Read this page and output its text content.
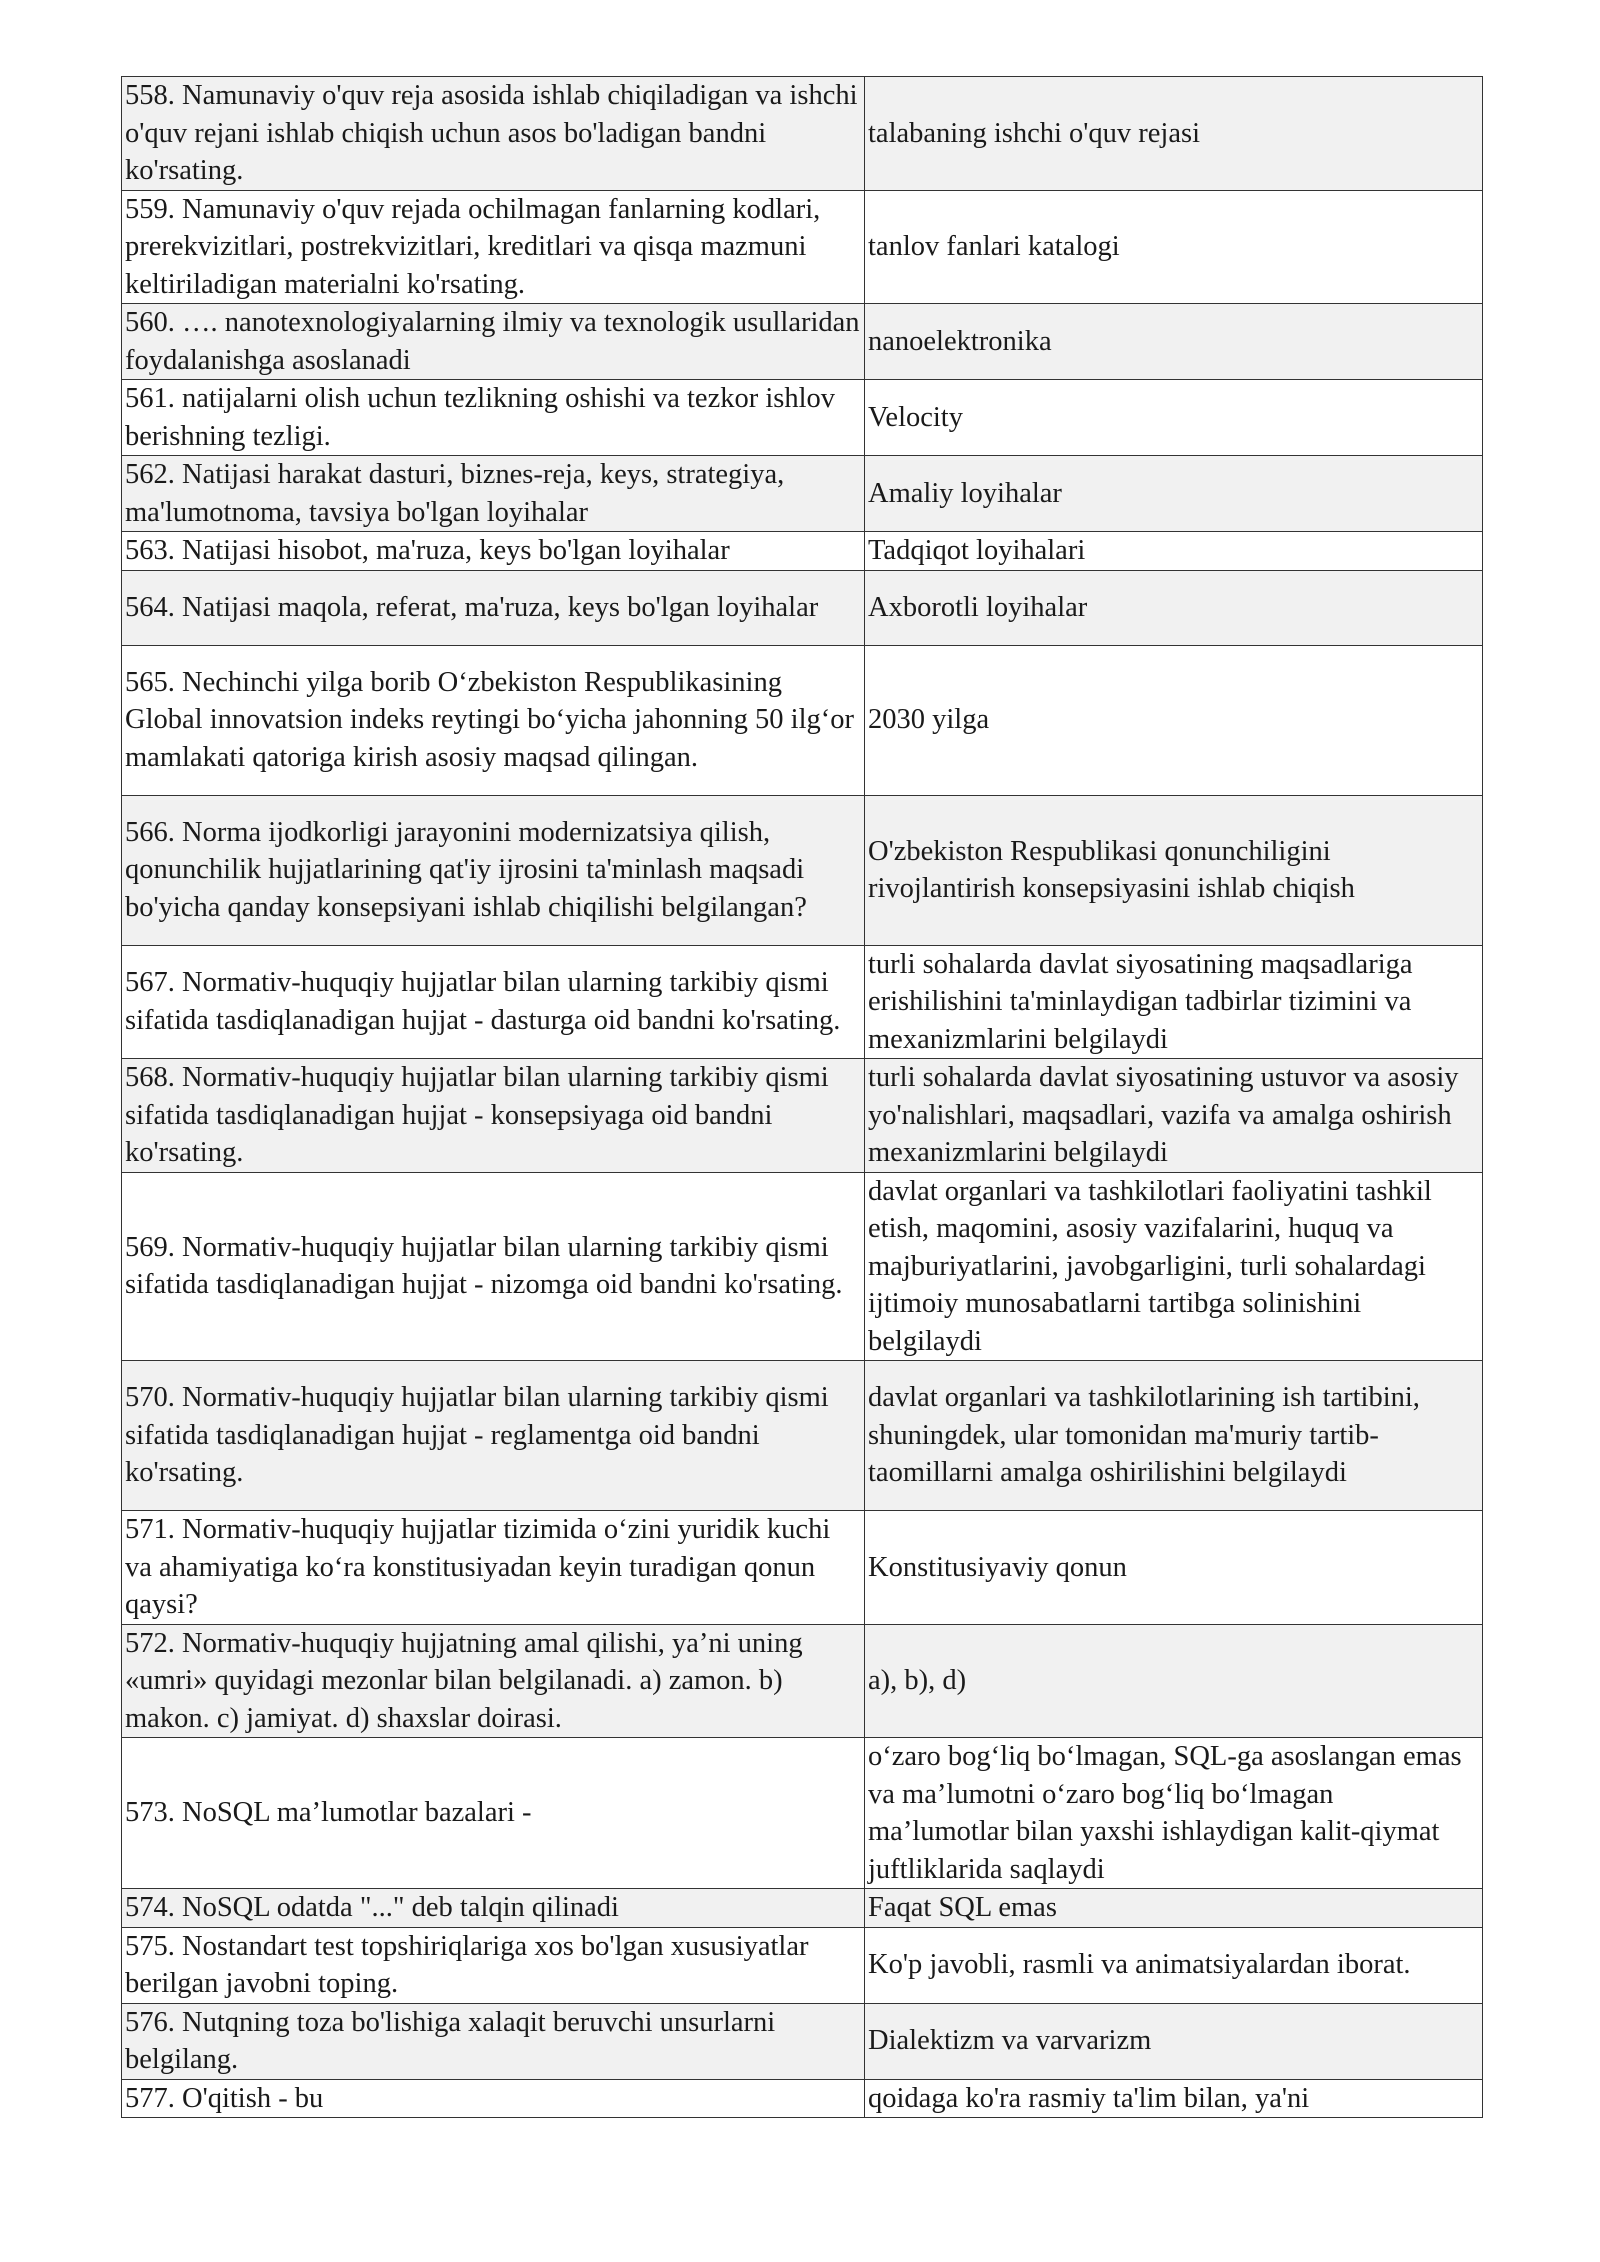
558. Namunaviy o'quv reja asosida ishlab chiqiladigan va ishchi o'quv rejani ishlab chiqish uchun asos bo'ladigan bandni ko'rsating.	talabaning ishchi o'quv rejasi
559. Namunaviy o'quv rejada ochilmagan fanlarning kodlari, prerekvizitlari, postrekvizitlari, kreditlari va qisqa mazmuni keltiriladigan materialni ko'rsating.	tanlov fanlari katalogi
560. …. nanotexnologiyalarning ilmiy va texnologik usullaridan foydalanishga asoslanadi	nanoelektronika
561. natijalarni olish uchun tezlikning oshishi va tezkor ishlov berishning tezligi.	Velocity
562. Natijasi harakat dasturi, biznes-reja, keys, strategiya, ma'lumotnoma, tavsiya bo'lgan loyihalar	Amaliy loyihalar
563. Natijasi hisobot, ma'ruza, keys bo'lgan loyihalar	Tadqiqot loyihalari
564. Natijasi maqola, referat, ma'ruza, keys bo'lgan loyihalar	Axborotli loyihalar
565. Nechinchi yilga borib O‘zbekiston Respublikasining Global innovatsion indeks reytingi bo‘yicha jahonning 50 ilg‘or mamlakati qatoriga kirish asosiy maqsad qilingan.	2030 yilga
566. Norma ijodkorligi jarayonini modernizatsiya qilish, qonunchilik hujjatlarining qat'iy ijrosini ta'minlash maqsadi bo'yicha qanday konsepsiyani ishlab chiqilishi belgilangan?	O'zbekiston Respublikasi qonunchiligini rivojlantirish konsepsiyasini ishlab chiqish
567. Normativ-huquqiy hujjatlar bilan ularning tarkibiy qismi sifatida tasdiqlanadigan hujjat - dasturga oid bandni ko'rsating.	turli sohalarda davlat siyosatining maqsadlariga erishilishini ta'minlaydigan tadbirlar tizimini va mexanizmlarini belgilaydi
568. Normativ-huquqiy hujjatlar bilan ularning tarkibiy qismi sifatida tasdiqlanadigan hujjat - konsepsiyaga oid bandni ko'rsating.	turli sohalarda davlat siyosatining ustuvor va asosiy yo'nalishlari, maqsadlari, vazifa va amalga oshirish mexanizmlarini belgilaydi
569. Normativ-huquqiy hujjatlar bilan ularning tarkibiy qismi sifatida tasdiqlanadigan hujjat - nizomga oid bandni ko'rsating.	davlat organlari va tashkilotlari faoliyatini tashkil etish, maqomini, asosiy vazifalarini, huquq va majburiyatlarini, javobgarligini, turli sohalardagi ijtimoiy munosabatlarni tartibga solinishini belgilaydi
570. Normativ-huquqiy hujjatlar bilan ularning tarkibiy qismi sifatida tasdiqlanadigan hujjat - reglamentga oid bandni ko'rsating.	davlat organlari va tashkilotlarining ish tartibini, shuningdek, ular tomonidan ma'muriy tartib-taomillarni amalga oshirilishini belgilaydi
571. Normativ-huquqiy hujjatlar tizimida o‘zini yuridik kuchi va ahamiyatiga ko‘ra konstitusiyadan keyin turadigan qonun qaysi?	Konstitusiyaviy qonun
572. Normativ-huquqiy hujjatning amal qilishi, ya’ni uning «umri» quyidagi mezonlar bilan belgilanadi. a) zamon. b) makon. c) jamiyat. d) shaxslar doirasi.	a), b), d)
573. NoSQL ma’lumotlar bazalari -	o‘zaro bog‘liq bo‘lmagan, SQL-ga asoslangan emas va ma’lumotni o‘zaro bog‘liq bo‘lmagan ma’lumotlar bilan yaxshi ishlaydigan kalit-qiymat juftliklarida saqlaydi
574. NoSQL odatda "..." deb talqin qilinadi	Faqat SQL emas
575. Nostandart test topshiriqlariga xos bo'lgan xususiyatlar berilgan javobni toping.	Ko'p javobli, rasmli va animatsiyalardan iborat.
576. Nutqning toza bo'lishiga xalaqit beruvchi unsurlarni belgilang.	Dialektizm va varvarizm
577. O'qitish - bu	qoidaga ko'ra rasmiy ta'lim bilan, ya'ni
